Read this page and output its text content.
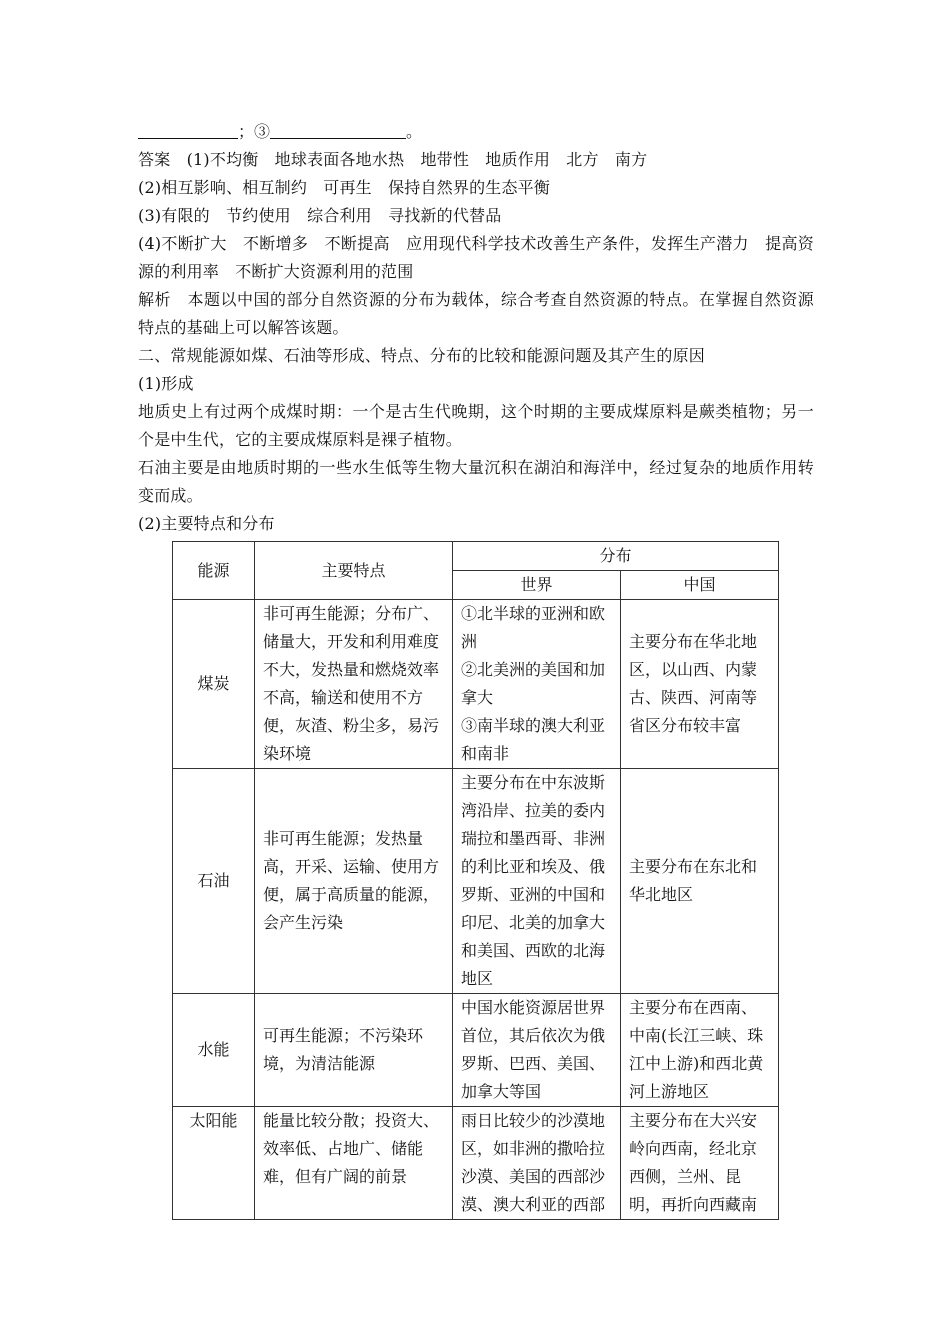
；③	。
答案　(1)不均衡　地球表面各地水热　地带性　地质作用　北方　南方
(2)相互影响、相互制约　可再生　保持自然界的生态平衡
(3)有限的　节约使用　综合利用　寻找新的代替品
(4)不断扩大　不断增多　不断提高　应用现代科学技术改善生产条件，发挥生产潜力　提高资源的利用率　不断扩大资源利用的范围
解析　本题以中国的部分自然资源的分布为载体，综合考查自然资源的特点。在掌握自然资源特点的基础上可以解答该题。
二、常规能源如煤、石油等形成、特点、分布的比较和能源问题及其产生的原因
(1)形成
地质史上有过两个成煤时期：一个是古生代晚期，这个时期的主要成煤原料是蕨类植物；另一个是中生代，它的主要成煤原料是裸子植物。
石油主要是由地质时期的一些水生低等生物大量沉积在湖泊和海洋中，经过复杂的地质作用转变而成。
(2)主要特点和分布
能源	主要特点	分布	
		世界	中国
煤炭	非可再生能源；分布广、储量大，开发和利用难度不大，发热量和燃烧效率不高，输送和使用不方便，灰渣、粉尘多，易污染环境	①北半球的亚洲和欧洲
②北美洲的美国和加拿大
③南半球的澳大利亚和南非	主要分布在华北地区，以山西、内蒙古、陕西、河南等省区分布较丰富
石油	非可再生能源；发热量高，开采、运输、使用方便，属于高质量的能源，会产生污染	主要分布在中东波斯湾沿岸、拉美的委内瑞拉和墨西哥、非洲的利比亚和埃及、俄罗斯、亚洲的中国和印尼、北美的加拿大和美国、西欧的北海地区	主要分布在东北和华北地区
水能	可再生能源；不污染环境，为清洁能源	中国水能资源居世界首位，其后依次为俄罗斯、巴西、美国、加拿大等国	主要分布在西南、中南(长江三峡、珠江中上游)和西北黄河上游地区
太阳能	能量比较分散；投资大、效率低、占地广、储能难，但有广阔的前景	雨日比较少的沙漠地区，如非洲的撒哈拉沙漠、美国的西部沙漠、澳大利亚的西部	主要分布在大兴安岭向西南，经北京西侧，兰州、昆明，再折向西藏南
